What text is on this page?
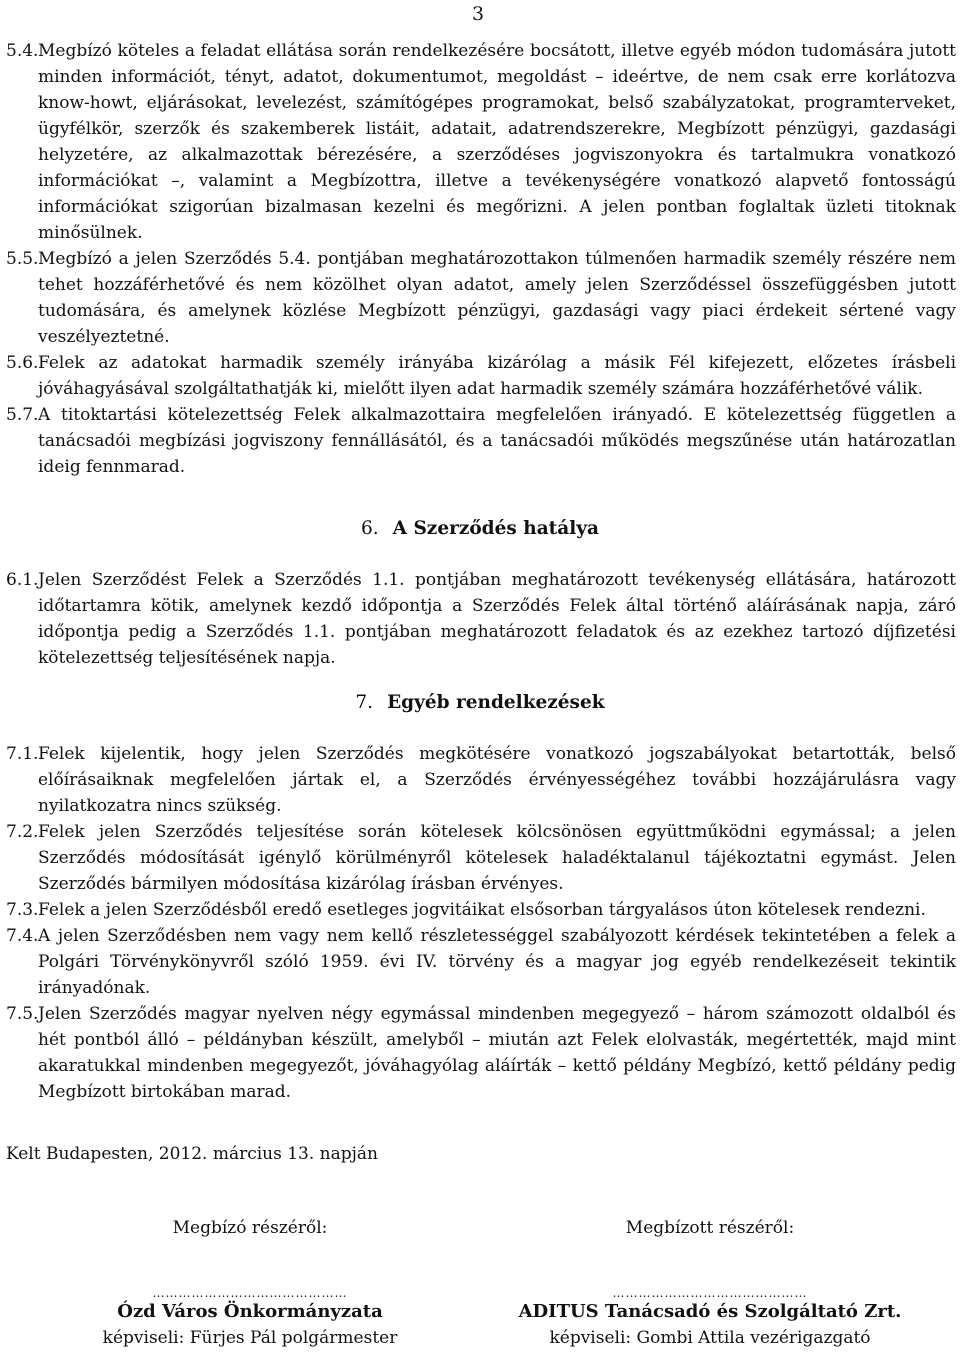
3
5.4. Megbízó köteles a feladat ellátása során rendelkezésére bocsátott, illetve egyéb módon tudomására jutott minden információt, tényt, adatot, dokumentumot, megoldást – ideértve, de nem csak erre korlátozva know-howt, eljárásokat, levelezést, számítógépes programokat, belső szabályzatokat, programterveket, ügyfélkör, szerzők és szakemberek listáit, adatait, adatrendszerekre, Megbízott pénzügyi, gazdasági helyzetére, az alkalmazottak bérezésére, a szerződéses jogviszonyokra és tartalmukra vonatkozó információkat –, valamint a Megbízottra, illetve a tevékenységére vonatkozó alapvető fontosságú információkat szigorúan bizalmasan kezelni és megőrizni. A jelen pontban foglaltak üzleti titoknak minősülnek.
5.5. Megbízó a jelen Szerződés 5.4. pontjában meghatározottakon túlmenően harmadik személy részére nem tehet hozzáférhetővé és nem közölhet olyan adatot, amely jelen Szerződéssel összefüggésben jutott tudomására, és amelynek közlése Megbízott pénzügyi, gazdasági vagy piaci érdekeit sértené vagy veszélyeztetné.
5.6. Felek az adatokat harmadik személy irányába kizárólag a másik Fél kifejezett, előzetes írásbeli jóváhagyásával szolgáltathatják ki, mielőtt ilyen adat harmadik személy számára hozzáférhetővé válik.
5.7. A titoktartási kötelezettség Felek alkalmazottaira megfelelően irányadó. E kötelezettség független a tanácsadói megbízási jogviszony fennállásától, és a tanácsadói működés megszűnése után határozatlan ideig fennmarad.
6. A Szerződés hatálya
6.1. Jelen Szerződést Felek a Szerződés 1.1. pontjában meghatározott tevékenység ellátására, határozott időtartamra kötik, amelynek kezdő időpontja a Szerződés Felek által történő aláírásának napja, záró időpontja pedig a Szerződés 1.1. pontjában meghatározott feladatok és az ezekhez tartozó díjfizetési kötelezettség teljesítésének napja.
7. Egyéb rendelkezések
7.1. Felek kijelentik, hogy jelen Szerződés megkötésére vonatkozó jogszabályokat betartották, belső előírásaiknak megfelelően jártak el, a Szerződés érvényességéhez további hozzájárulásra vagy nyilatkozatra nincs szükség.
7.2. Felek jelen Szerződés teljesítése során kötelesek kölcsönösen együttműködni egymással; a jelen Szerződés módosítását igénylő körülményről kötelesek haladéktalanul tájékoztatni egymást. Jelen Szerződés bármilyen módosítása kizárólag írásban érvényes.
7.3. Felek a jelen Szerződésből eredő esetleges jogvitáikat elsősorban tárgyalásos úton kötelesek rendezni.
7.4. A jelen Szerződésben nem vagy nem kellő részletességgel szabályozott kérdések tekintetében a felek a Polgári Törvénykönyvről szóló 1959. évi IV. törvény és a magyar jog egyéb rendelkezéseit tekintik irányadónak.
7.5. Jelen Szerződés magyar nyelven négy egymással mindenben megegyező – három számozott oldalból és hét pontból álló – példányban készült, amelyből – miután azt Felek elolvasták, megértették, majd mint akaratukkal mindenben megegyezőt, jóváhagyólag aláírták – kettő példány Megbízó, kettő példány pedig Megbízott birtokában marad.
Kelt Budapesten, 2012. március 13. napján
Megbízó részéről:
………………………………………
Ózd Város Önkormányzata
képviseli: Fürjes Pál polgármester
Megbízott részéről:
………………………………………
ADITUS Tanácsadó és Szolgáltató Zrt.
képviseli: Gombi Attila vezérigazgató
